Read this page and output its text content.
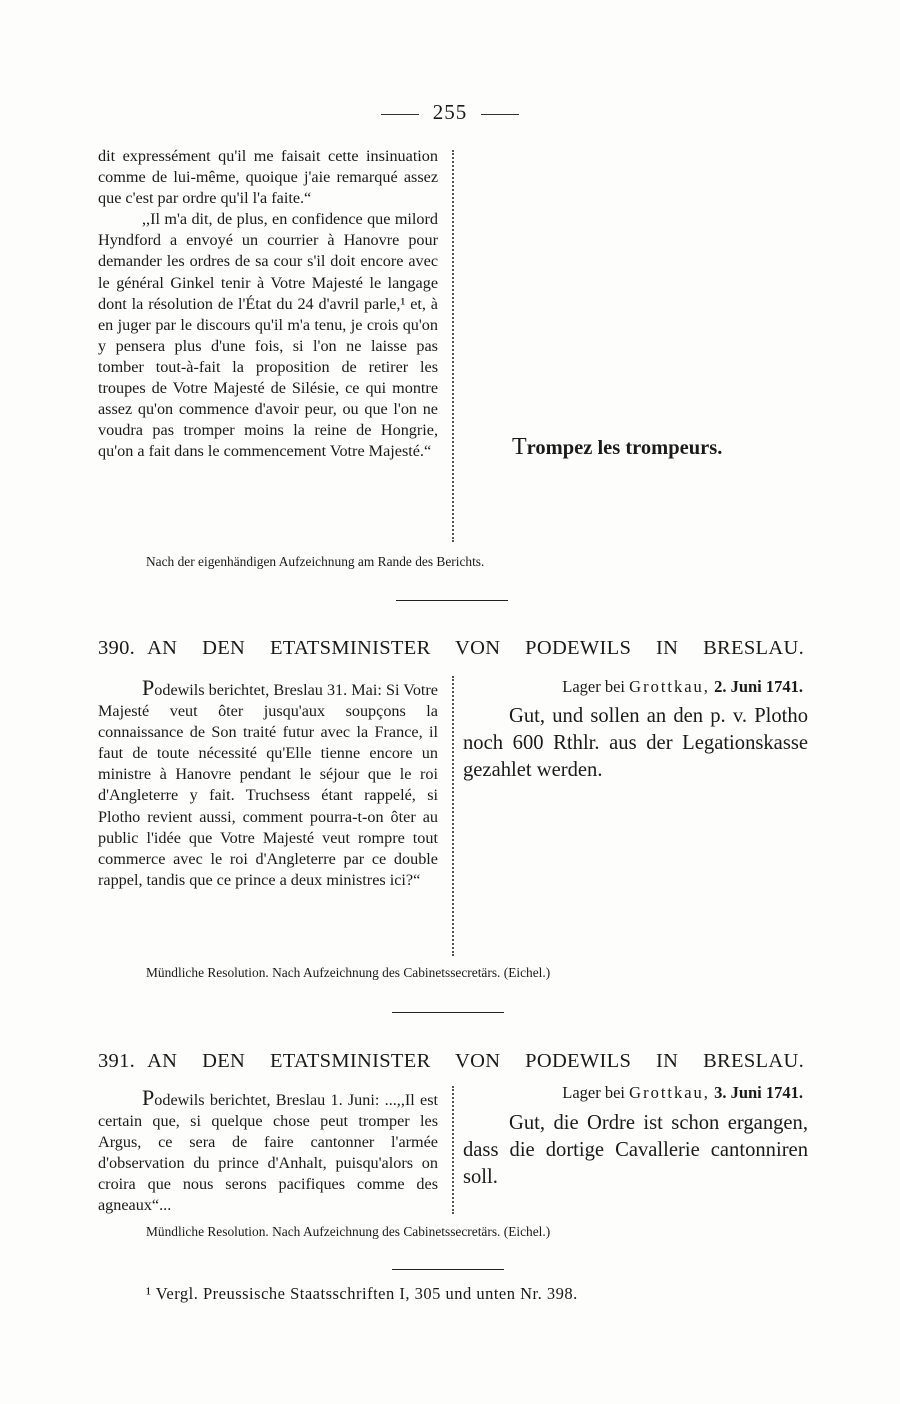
255

dit expressément qu'il me faisait cette insinuation comme de lui-même, quoique j'aie remarqué assez que c'est par ordre qu'il l'a faite.“

,,Il m'a dit, de plus, en confidence que milord Hyndford a envoyé un courrier à Hanovre pour demander les ordres de sa cour s'il doit encore avec le général Ginkel tenir à Votre Majesté le langage dont la résolution de l'État du 24 d'avril parle,¹ et, à en juger par le discours qu'il m'a tenu, je crois qu'on y pensera plus d'une fois, si l'on ne laisse pas tomber tout-à-fait la proposition de retirer les troupes de Votre Majesté de Silésie, ce qui montre assez qu'on commence d'avoir peur, ou que l'on ne voudra pas tromper moins la reine de Hongrie, qu'on a fait dans le commencement Votre Majesté.“	Trompez les trompeurs.
Nach der eigenhändigen Aufzeichnung am Rande des Berichts.
390. AN DEN ETATSMINISTER VON PODEWILS IN BRESLAU.

Podewils berichtet, Breslau 31. Mai: Si Votre Majesté veut ôter jusqu'aux soupçons la connaissance de Son traité futur avec la France, il faut de toute nécessité qu'Elle tienne encore un ministre à Hanovre pendant le séjour que le roi d'Angleterre y fait. Truchsess étant rappelé, si Plotho revient aussi, comment pourra-t-on ôter au public l'idée que Votre Majesté veut rompre tout commerce avec le roi d'Angleterre par ce double rappel, tandis que ce prince a deux ministres ici?“

Lager bei Grottkau, 2. Juni 1741.
Gut, und sollen an den p. v. Plotho noch 600 Rthlr. aus der Legationskasse gezahlet werden.
Mündliche Resolution. Nach Aufzeichnung des Cabinetssecretärs. (Eichel.)
391. AN DEN ETATSMINISTER VON PODEWILS IN BRESLAU.

Podewils berichtet, Breslau 1. Juni: ...,,Il est certain que, si quelque chose peut tromper les Argus, ce sera de faire cantonner l'armée d'observation du prince d'Anhalt, puisqu'alors on croira que nous serons pacifiques comme des agneaux“...

Lager bei Grottkau, 3. Juni 1741.
Gut, die Ordre ist schon ergangen, dass die dortige Cavallerie cantonniren soll.
Mündliche Resolution. Nach Aufzeichnung des Cabinetssecretärs. (Eichel.)
¹ Vergl. Preussische Staatsschriften I, 305 und unten Nr. 398.
